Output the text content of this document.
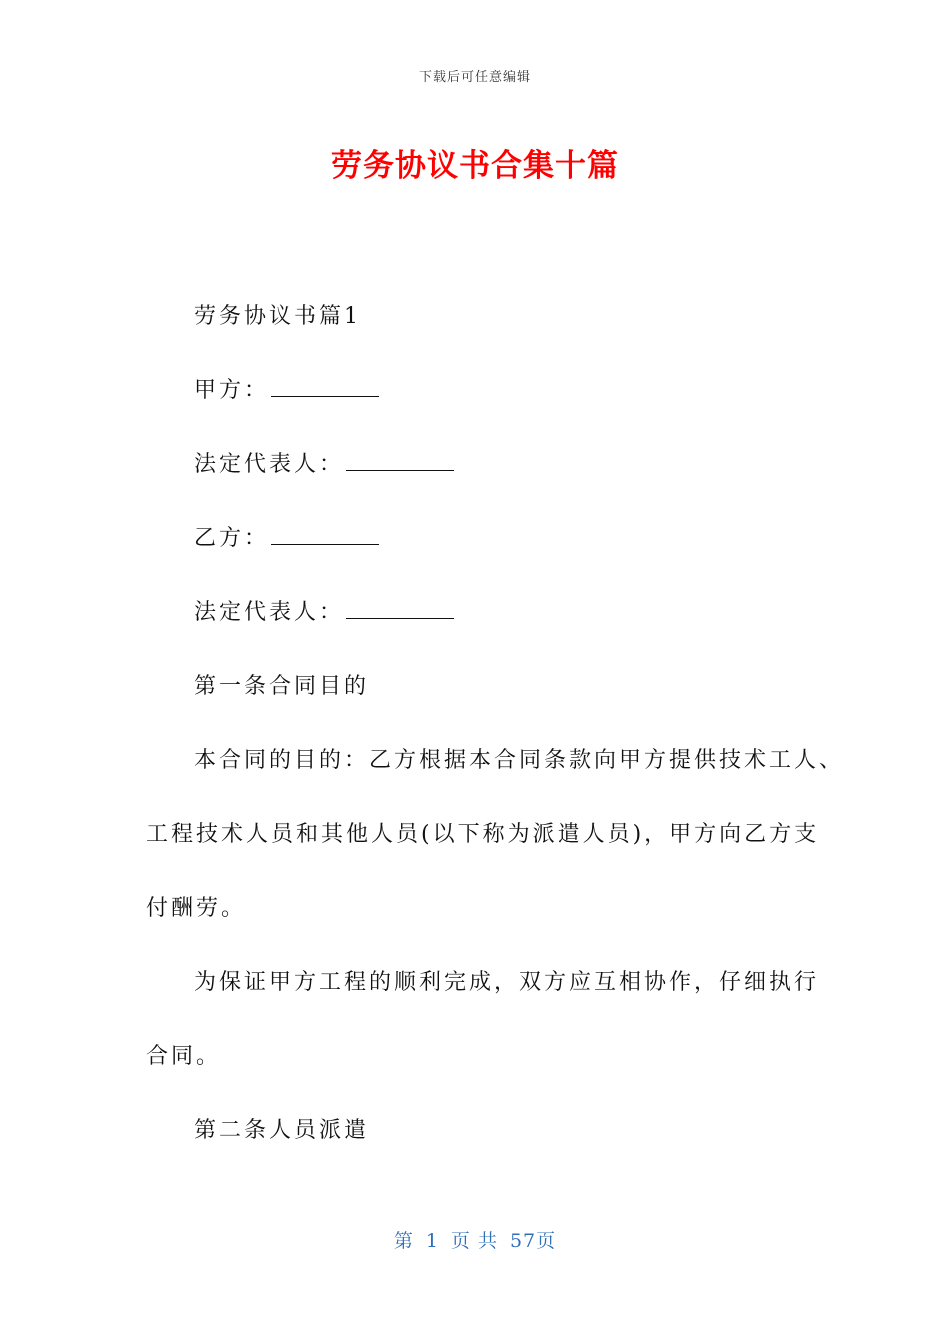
下载后可任意编辑
劳务协议书合集十篇

劳务协议书篇1

甲方：

法定代表人：

乙方：

法定代表人：

第一条合同目的

本合同的目的：乙方根据本合同条款向甲方提供技术工人、

工程技术人员和其他人员(以下称为派遣人员)，甲方向乙方支

付酬劳。

为保证甲方工程的顺利完成，双方应互相协作，仔细执行

合同。

第二条人员派遣

第 1 页 共 57页
